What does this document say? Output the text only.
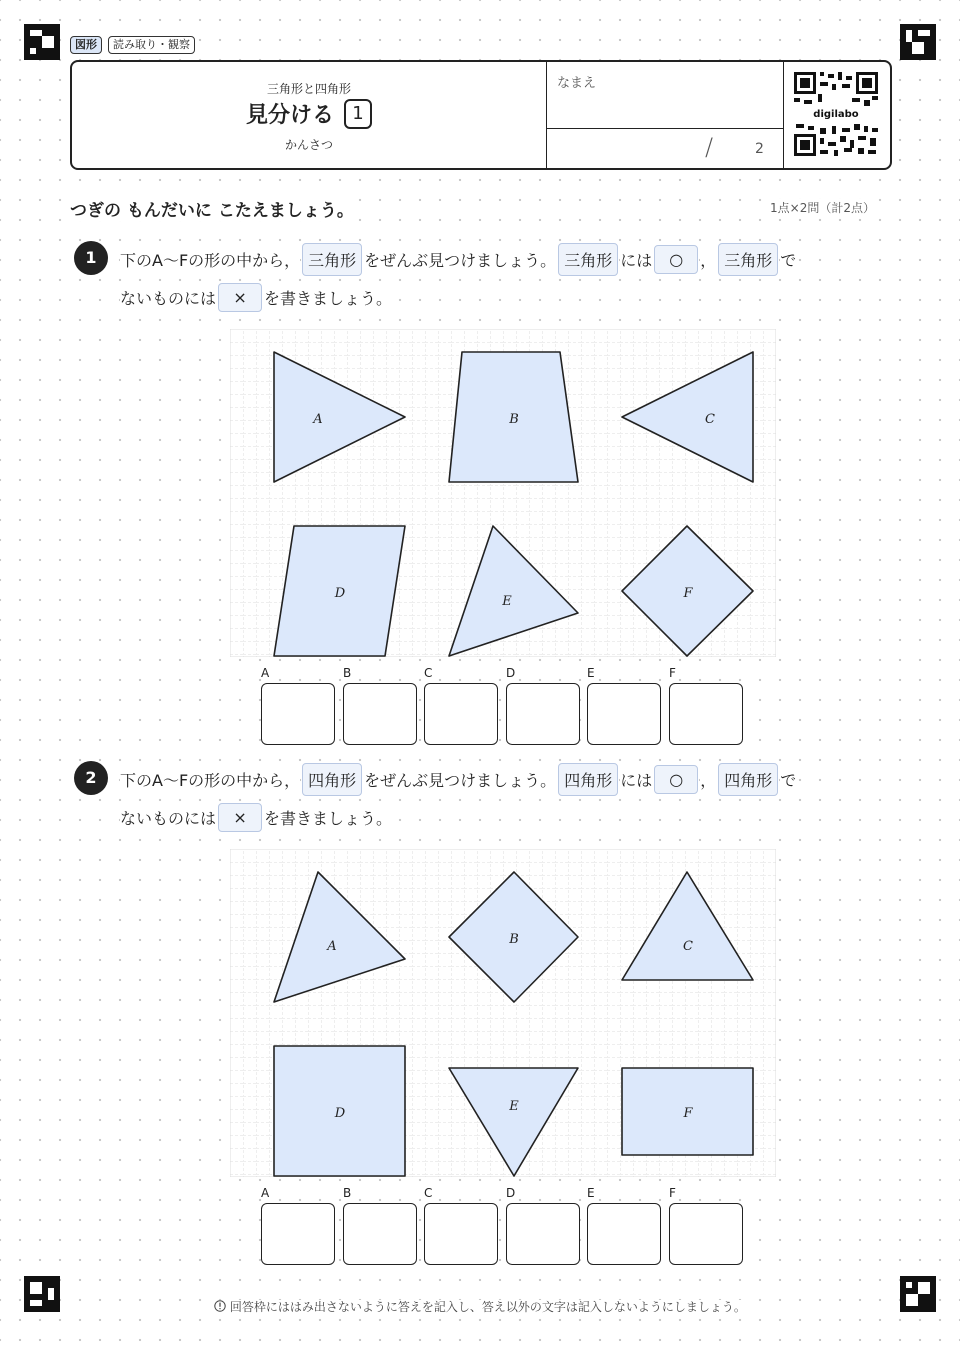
図形	読み取り・観察
三角形と四角形
見分ける	1
かんさつ
なまえ
/	2
digilabo
つぎの もんだいに こたえましょう。	1点×2問（計2点）
1	下のA〜Fの形の中から， 三角形 をぜんぶ見つけましょう。 三角形 には	○	， 三角形 で
ないものには	×	を書きましょう。
A	B	C
D
E
F
A	B	C	D	E	F
2	下のA〜Fの形の中から， 四角形 をぜんぶ見つけましょう。 四角形 には	○	， 四角形 で
ないものには	×	を書きましょう。
A	B	C
D	E	F
A	B	C	D	E	F
回答枠にははみ出さないように答えを記入し、答え以外の文字は記入しないようにしましょう。
